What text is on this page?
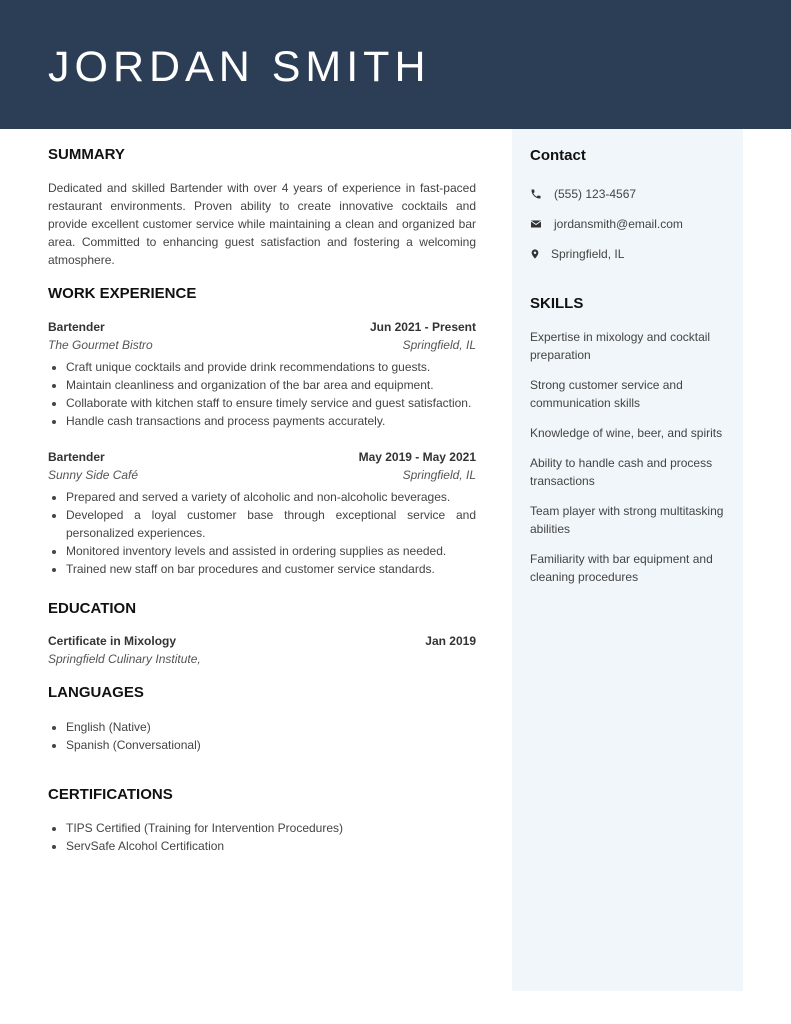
JORDAN SMITH
Contact
(555) 123-4567
jordansmith@email.com
Springfield, IL
SKILLS

Expertise in mixology and cocktail preparation

Strong customer service and communication skills

Knowledge of wine, beer, and spirits

Ability to handle cash and process transactions

Team player with strong multitasking abilities

Familiarity with bar equipment and cleaning procedures

SUMMARY

Dedicated and skilled Bartender with over 4 years of experience in fast-paced restaurant environments. Proven ability to create innovative cocktails and provide excellent customer service while maintaining a clean and organized bar area. Committed to enhancing guest satisfaction and fostering a welcoming atmosphere.

WORK EXPERIENCE
Bartender	Jun 2021 - Present
The Gourmet Bistro	Springfield, IL
• Craft unique cocktails and provide drink recommendations to guests.
• Maintain cleanliness and organization of the bar area and equipment.
• Collaborate with kitchen staff to ensure timely service and guest satisfaction.
• Handle cash transactions and process payments accurately.
Bartender	May 2019 - May 2021
Sunny Side Café	Springfield, IL
• Prepared and served a variety of alcoholic and non-alcoholic beverages.
• Developed a loyal customer base through exceptional service and personalized experiences.
• Monitored inventory levels and assisted in ordering supplies as needed.
• Trained new staff on bar procedures and customer service standards.
EDUCATION
Certificate in Mixology	Jan 2019
Springfield Culinary Institute,
LANGUAGES
• English (Native)
• Spanish (Conversational)
CERTIFICATIONS
• TIPS Certified (Training for Intervention Procedures)
• ServSafe Alcohol Certification
